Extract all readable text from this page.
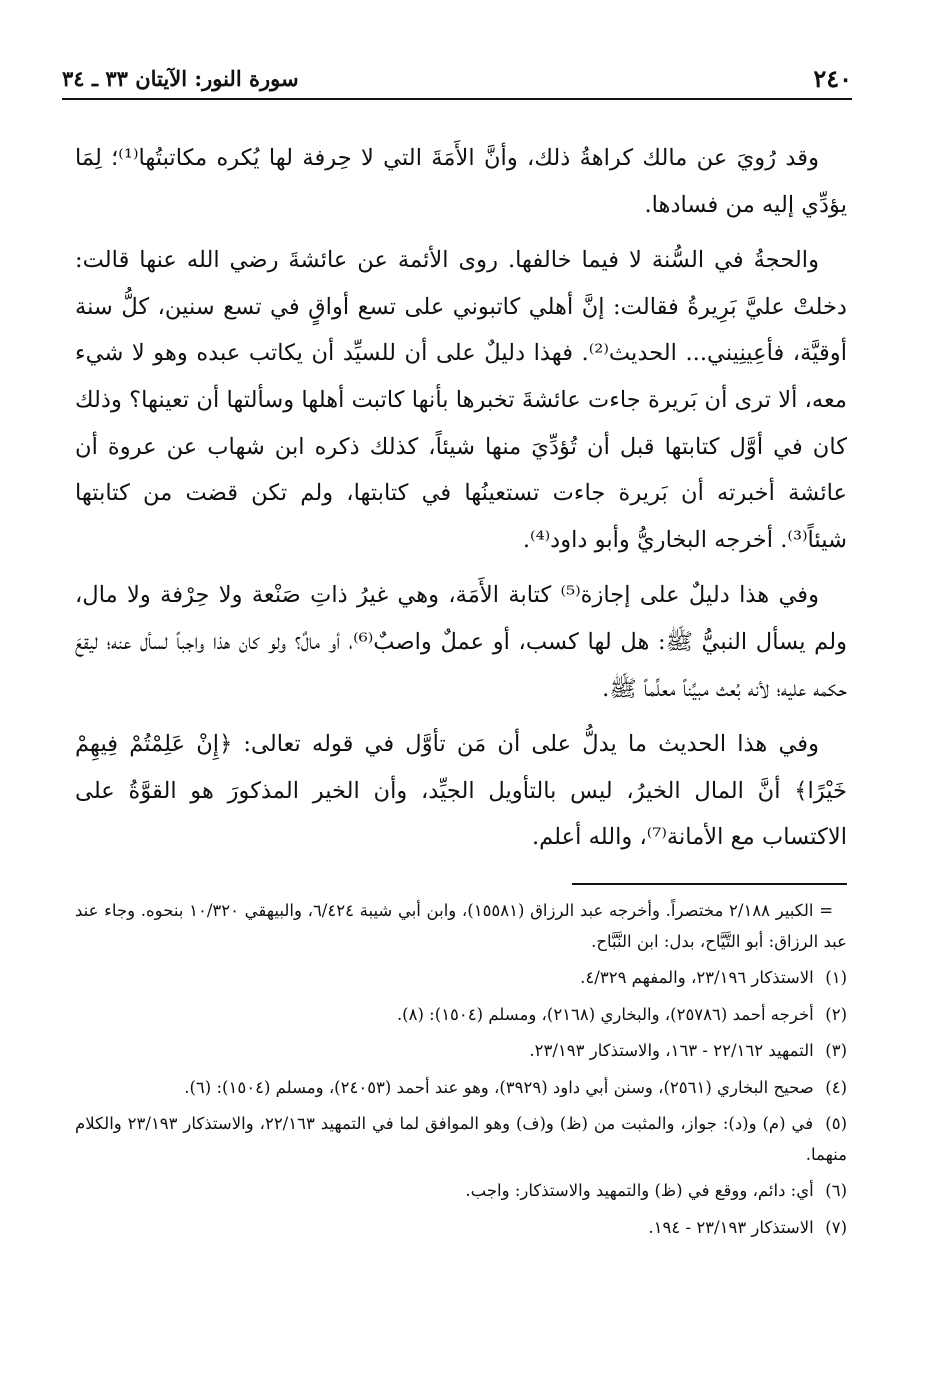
٢٤٠
سورة النور: الآيتان ٣٣ ـ ٣٤

وقد رُويَ عن مالك كراهةُ ذلك، وأنَّ الأَمَةَ التي لا حِرفة لها يُكره مكاتبتُها⁽¹⁾؛ لِمَا يؤدِّي إليه من فسادها.

والحجةُ في السُّنة لا فيما خالفها. روى الأئمة عن عائشةَ رضي الله عنها قالت: دخلتْ عليَّ بَرِيرةُ فقالت: إنَّ أهلي كاتبوني على تسع أواقٍ في تسع سنين، كلُّ سنة أوقيَّة، فأعِينِيني... الحديث⁽²⁾. فهذا دليلٌ على أن للسيِّد أن يكاتب عبده وهو لا شيء معه، ألا ترى أن بَريرة جاءت عائشةَ تخبرها بأنها كاتبت أهلها وسألتها أن تعينها؟ وذلك كان في أوَّل كتابتها قبل أن تُؤدِّيَ منها شيئاً، كذلك ذكره ابن شهاب عن عروة أن عائشة أخبرته أن بَريرة جاءت تستعينُها في كتابتها، ولم تكن قضت من كتابتها شيئاً⁽³⁾. أخرجه البخاريُّ وأبو داود⁽⁴⁾.

وفي هذا دليلٌ على إجازة⁽⁵⁾ كتابة الأَمَة، وهي غيرُ ذاتِ صَنْعة ولا حِرْفة ولا مال، ولم يسأل النبيُّ ﷺ: هل لها كسب، أو عملٌ واصبٌ⁽⁶⁾، أو مالٌ؟ ولو كان هذا واجباً لسأل عنه؛ ليقعَ حكمه عليه؛ لأنه بُعث مبيِّناً معلِّماً ﷺ.

وفي هذا الحديث ما يدلُّ على أن مَن تأوَّل في قوله تعالى: ﴿إِنْ عَلِمْتُمْ فِيهِمْ خَيْرًا﴾ أنَّ المال الخيرُ، ليس بالتأويل الجيِّد، وأن الخير المذكورَ هو القوَّةُ على الاكتساب مع الأمانة⁽⁷⁾، والله أعلم.

= الكبير ٢/١٨٨ مختصراً. وأخرجه عبد الرزاق (١٥٥٨١)، وابن أبي شيبة ٦/٤٢٤، والبيهقي ١٠/٣٢٠ بنحوه. وجاء عند عبد الرزاق: أبو التَّيَّاح، بدل: ابن النَّبَّاح.
(١) الاستذكار ٢٣/١٩٦، والمفهم ٤/٣٢٩.
(٢) أخرجه أحمد (٢٥٧٨٦)، والبخاري (٢١٦٨)، ومسلم (١٥٠٤): (٨).
(٣) التمهيد ٢٢/١٦٢ - ١٦٣، والاستذكار ٢٣/١٩٣.
(٤) صحيح البخاري (٢٥٦١)، وسنن أبي داود (٣٩٢٩)، وهو عند أحمد (٢٤٠٥٣)، ومسلم (١٥٠٤): (٦).
(٥) في (م) و(د): جواز، والمثبت من (ظ) و(ف) وهو الموافق لما في التمهيد ٢٢/١٦٣، والاستذكار ٢٣/١٩٣ والكلام منهما.
(٦) أي: دائم، ووقع في (ظ) والتمهيد والاستذكار: واجب.
(٧) الاستذكار ٢٣/١٩٣ - ١٩٤.
